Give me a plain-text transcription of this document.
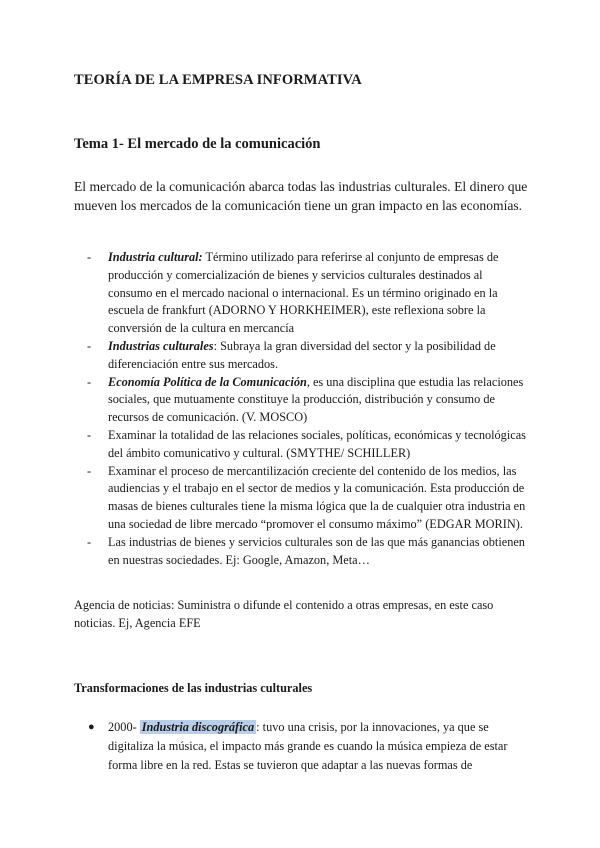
TEORÍA DE LA EMPRESA INFORMATIVA
Tema 1- El mercado de la comunicación

El mercado de la comunicación abarca todas las industrias culturales. El dinero que mueven los mercados de la comunicación tiene un gran impacto en las economías.

- Industria cultural: Término utilizado para referirse al conjunto de empresas de producción y comercialización de bienes y servicios culturales destinados al consumo en el mercado nacional o internacional. Es un término originado en la escuela de frankfurt (ADORNO Y HORKHEIMER), este reflexiona sobre la conversión de la cultura en mercancía
- Industrias culturales: Subraya la gran diversidad del sector y la posibilidad de diferenciación entre sus mercados.
- Economía Política de la Comunicación, es una disciplina que estudia las relaciones sociales, que mutuamente constituye la producción, distribución y consumo de recursos de comunicación. (V. MOSCO)
- Examinar la totalidad de las relaciones sociales, políticas, económicas y tecnológicas del ámbito comunicativo y cultural. (SMYTHE/ SCHILLER)
- Examinar el proceso de mercantilización creciente del contenido de los medios, las audiencias y el trabajo en el sector de medios y la comunicación. Esta producción de masas de bienes culturales tiene la misma lógica que la de cualquier otra industria en una sociedad de libre mercado “promover el consumo máximo” (EDGAR MORIN).
- Las industrias de bienes y servicios culturales son de las que más ganancias obtienen en nuestras sociedades. Ej: Google, Amazon, Meta…

Agencia de noticias: Suministra o difunde el contenido a otras empresas, en este caso noticias. Ej, Agencia EFE

Transformaciones de las industrias culturales
● 2000- Industria discográfica : tuvo una crisis, por la innovaciones, ya que se digitaliza la música, el impacto más grande es cuando la música empieza de estar forma libre en la red. Estas se tuvieron que adaptar a las nuevas formas de
